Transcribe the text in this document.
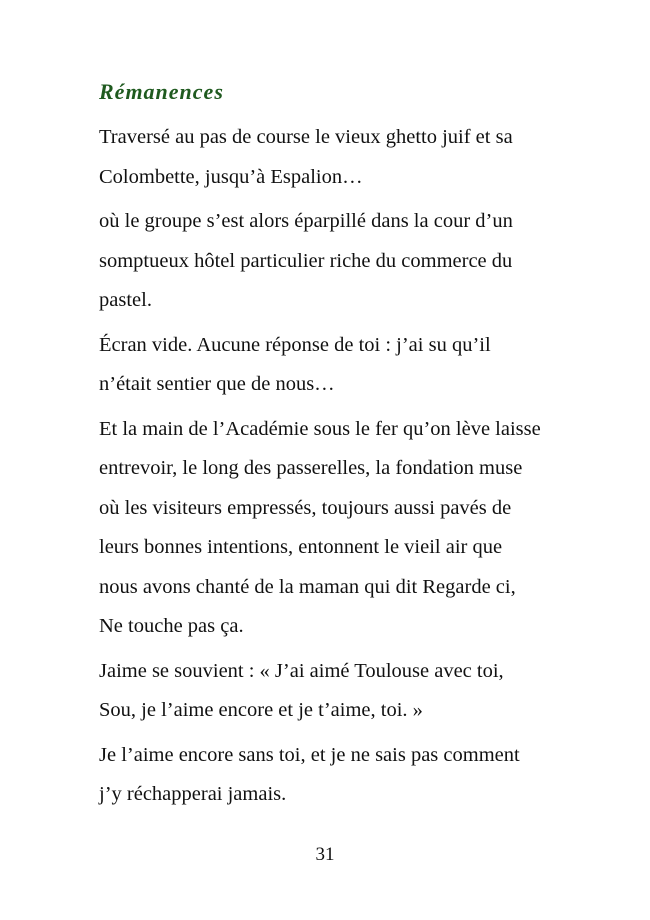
Rémanences

Traversé au pas de course le vieux ghetto juif et sa
Colombette, jusqu’à Espalion…

où le groupe s’est alors éparpillé dans la cour d’un
somptueux hôtel particulier riche du commerce du
pastel.

Écran vide. Aucune réponse de toi : j’ai su qu’il
n’était sentier que de nous…

Et la main de l’Académie sous le fer qu’on lève laisse
entrevoir, le long des passerelles, la fondation muse
où les visiteurs empressés, toujours aussi pavés de
leurs bonnes intentions, entonnent le vieil air que
nous avons chanté de la maman qui dit Regarde ci,
Ne touche pas ça.

Jaime se souvient : « J’ai aimé Toulouse avec toi,
Sou, je l’aime encore et je t’aime, toi. »

Je l’aime encore sans toi, et je ne sais pas comment
j’y réchapperai jamais.

31
